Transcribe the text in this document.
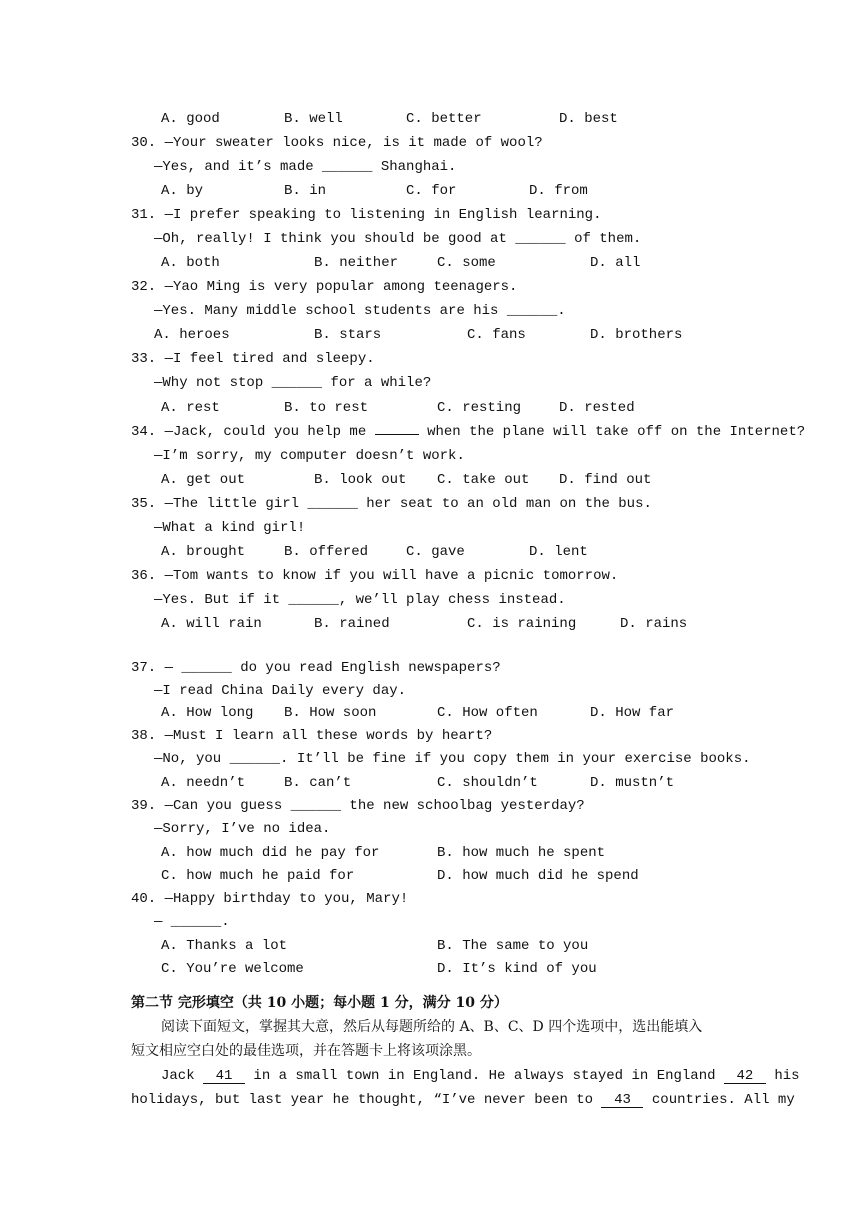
A. good	B. well	C. better	D. best
30. —Your sweater looks nice, is it made of wool?
—Yes, and it’s made ______ Shanghai.
A. by	B. in	C. for	D. from
31. —I prefer speaking to listening in English learning.
—Oh, really! I think you should be good at ______ of them.
A. both	B. neither	C. some	D. all
32. —Yao Ming is very popular among teenagers.
—Yes. Many middle school students are his ______.
A. heroes	B. stars	C. fans	D. brothers
33. —I feel tired and sleepy.
—Why not stop ______ for a while?
A. rest	B. to rest	C. resting	D. rested
34. —Jack, could you help me	when the plane will take off on the Internet?
—I’m sorry, my computer doesn’t work.
A. get out	B. look out C. take out D. find out
35. —The little girl ______ her seat to an old man on the bus.
—What a kind girl!
A. brought	B. offered	C. gave	D. lent
36. —Tom wants to know if you will have a picnic tomorrow.
—Yes. But if it ______, we’ll play chess instead.
A. will rain	B. rained	C. is raining	D. rains
37. — ______ do you read English newspapers?
—I read China Daily every day.
A. How long B. How soon	C. How often	D. How far
38. —Must I learn all these words by heart?
—No, you ______. It’ll be fine if you copy them in your exercise books.
A. needn’t	B. can’t	C. shouldn’t	D. mustn’t
39. —Can you guess ______ the new schoolbag yesterday?
—Sorry, I’ve no idea.
A. how much did he pay for	B. how much he spent
C. how much he paid for	D. how much did he spend
40. —Happy birthday to you, Mary!
— ______.
A. Thanks a lot	B. The same to you
C. You’re welcome	D. It’s kind of you
第二节 完形填空（共 10 小题；每小题 1 分，满分 10 分）
阅读下面短文，掌握其大意，然后从每题所给的 A、B、C、D 四个选项中，选出能填入
短文相应空白处的最佳选项，并在答题卡上将该项涂黑。
Jack 41 in a small town in England. He always stayed in England 42 his
holidays, but last year he thought, “I’ve never been to 43 countries. All my
